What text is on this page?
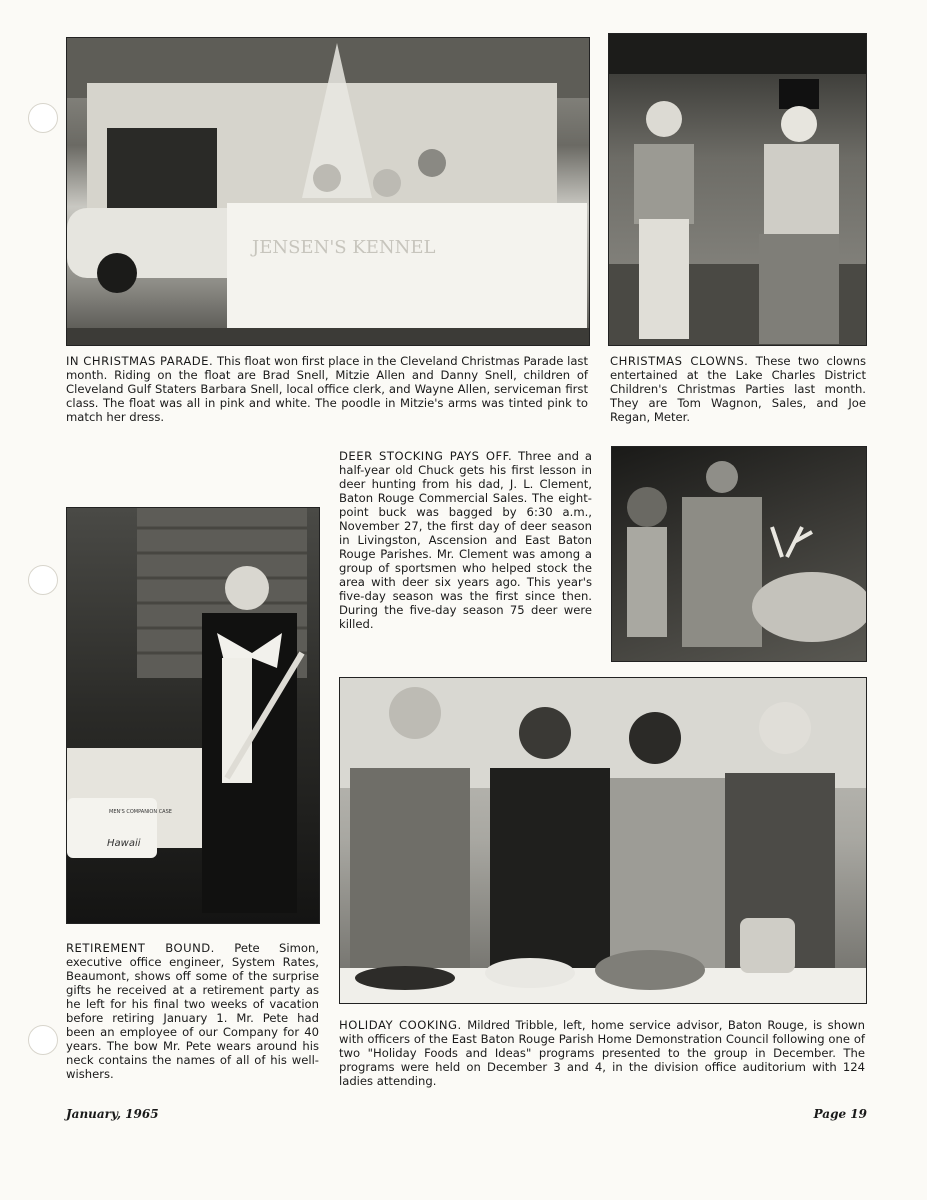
JENSEN'S KENNEL

IN CHRISTMAS PARADE. This float won first place in the Cleveland Christmas Parade last month. Riding on the float are Brad Snell, Mitzie Allen and Danny Snell, children of Cleveland Gulf Staters Barbara Snell, local office clerk, and Wayne Allen, serviceman first class. The float was all in pink and white. The poodle in Mitzie's arms was tinted pink to match her dress.

CHRISTMAS CLOWNS. These two clowns entertained at the Lake Charles District Children's Christmas Parties last month. They are Tom Wagnon, Sales, and Joe Regan, Meter.

DEER STOCKING PAYS OFF. Three and a half-year old Chuck gets his first lesson in deer hunting from his dad, J. L. Clement, Baton Rouge Commercial Sales. The eight-point buck was bagged by 6:30 a.m., November 27, the first day of deer season in Livingston, Ascension and East Baton Rouge Parishes. Mr. Clement was among a group of sportsmen who helped stock the area with deer six years ago. This year's five-day season was the first since then. During the five-day season 75 deer were killed.

MEN'S COMPANION CASE
Hawaii

RETIREMENT BOUND. Pete Simon, executive office engineer, System Rates, Beaumont, shows off some of the surprise gifts he received at a retirement party as he left for his final two weeks of vacation before retiring January 1. Mr. Pete had been an employee of our Company for 40 years. The bow Mr. Pete wears around his neck contains the names of all of his well-wishers.

HOLIDAY COOKING. Mildred Tribble, left, home service advisor, Baton Rouge, is shown with officers of the East Baton Rouge Parish Home Demonstration Council following one of two "Holiday Foods and Ideas" programs presented to the group in December. The programs were held on December 3 and 4, in the division office auditorium with 124 ladies attending.

January, 1965	Page 19
